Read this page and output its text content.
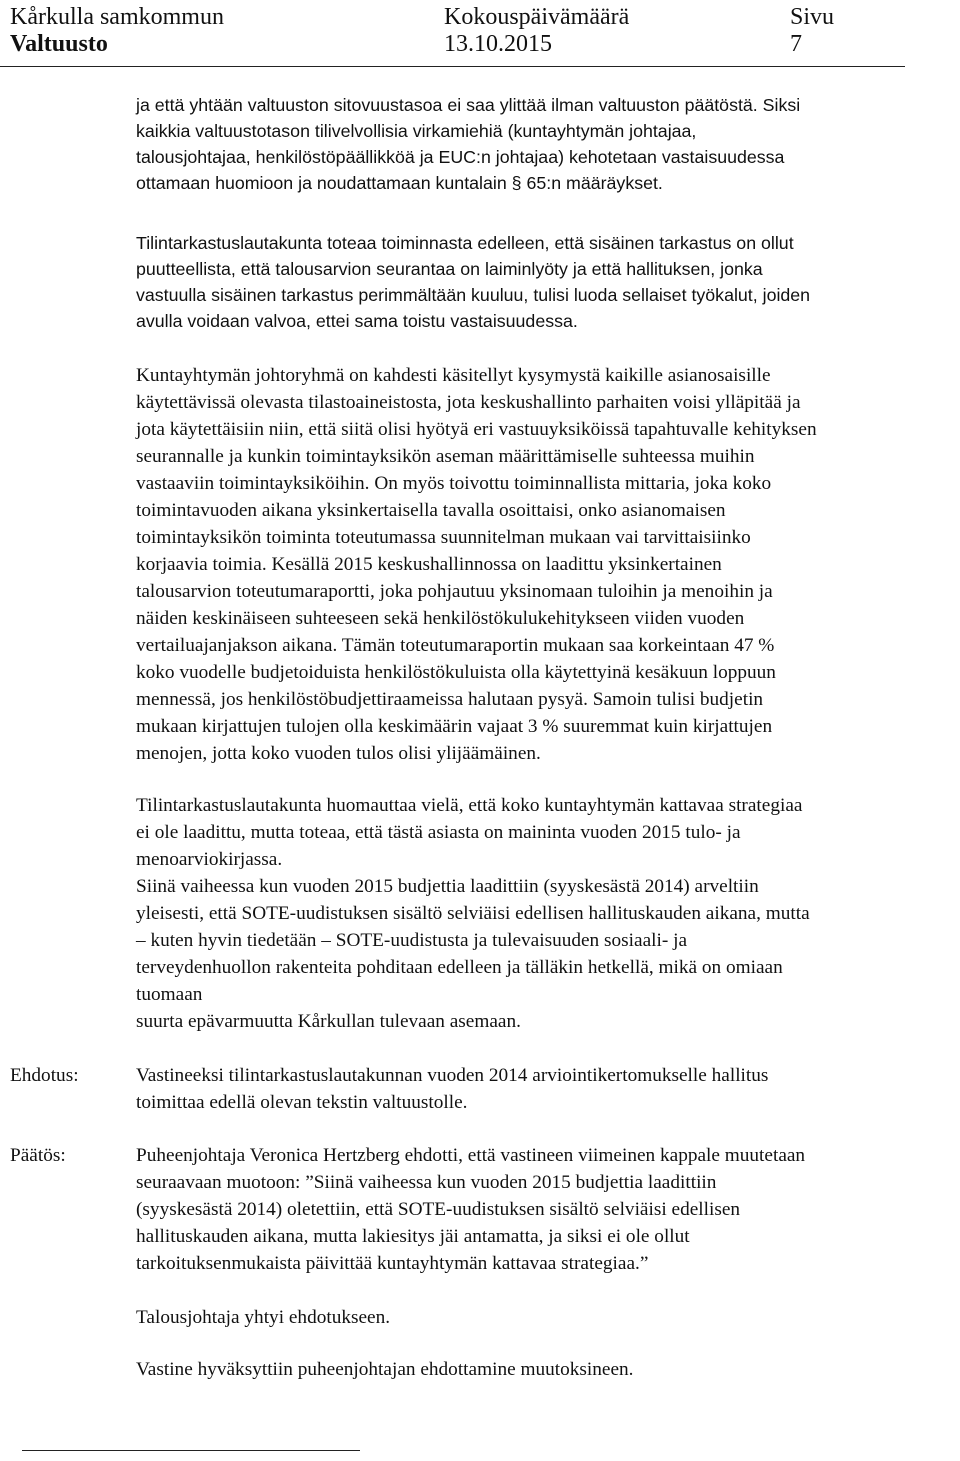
Kårkulla samkommun
Valtuusto
Kokouspäivämäärä
13.10.2015
Sivu
7
ja että yhtään valtuuston sitovuustasoa ei saa ylittää ilman valtuuston päätöstä. Siksi
kaikkia valtuustotason tilivelvollisia virkamiehiä (kuntayhtymän johtajaa,
talousjohtajaa, henkilöstöpäällikköä ja EUC:n johtajaa) kehotetaan vastaisuudessa
ottamaan huomioon ja noudattamaan kuntalain § 65:n määräykset.
Tilintarkastuslautakunta toteaa toiminnasta edelleen, että sisäinen tarkastus on ollut
puutteellista, että talousarvion seurantaa on laiminlyöty ja että hallituksen, jonka
vastuulla sisäinen tarkastus perimmältään kuuluu, tulisi luoda sellaiset työkalut, joiden
avulla voidaan valvoa, ettei sama toistu vastaisuudessa.
Kuntayhtymän johtoryhmä on kahdesti käsitellyt kysymystä kaikille asianosaisille
käytettävissä olevasta tilastoaineistosta, jota keskushallinto parhaiten voisi ylläpitää ja
jota käytettäisiin niin, että siitä olisi hyötyä eri vastuuyksiköissä tapahtuvalle kehityksen
seurannalle ja kunkin toimintayksikön aseman määrittämiselle suhteessa muihin
vastaaviin toimintayksiköihin. On myös toivottu toiminnallista mittaria, joka koko
toimintavuoden aikana yksinkertaisella tavalla osoittaisi, onko asianomaisen
toimintayksikön toiminta toteutumassa suunnitelman mukaan vai tarvittaisiinko
korjaavia toimia. Kesällä 2015 keskushallinnossa on laadittu yksinkertainen
talousarvion toteutumaraportti, joka pohjautuu yksinomaan tuloihin ja menoihin ja
näiden keskinäiseen suhteeseen sekä henkilöstökulukehitykseen viiden vuoden
vertailuajanjakson aikana. Tämän toteutumaraportin mukaan saa korkeintaan 47 %
koko vuodelle budjetoiduista henkilöstökuluista olla käytettyinä kesäkuun loppuun
mennessä, jos henkilöstöbudjettiraameissa halutaan pysyä. Samoin tulisi budjetin
mukaan kirjattujen tulojen olla keskimäärin vajaat 3 % suuremmat kuin kirjattujen
menojen, jotta koko vuoden tulos olisi ylijäämäinen.
Tilintarkastuslautakunta huomauttaa vielä, että koko kuntayhtymän kattavaa strategiaa
ei ole laadittu, mutta toteaa, että tästä asiasta on maininta vuoden 2015 tulo- ja
menoarviokirjassa.
Siinä vaiheessa kun vuoden 2015 budjettia laadittiin (syyskesästä 2014) arveltiin
yleisesti, että SOTE-uudistuksen sisältö selviäisi edellisen hallituskauden aikana, mutta
– kuten hyvin tiedetään – SOTE-uudistusta ja tulevaisuuden sosiaali- ja
terveydenhuollon rakenteita pohditaan edelleen ja tälläkin hetkellä, mikä on omiaan
tuomaan
suurta epävarmuutta Kårkullan tulevaan asemaan.
Ehdotus:	Vastineeksi tilintarkastuslautakunnan vuoden 2014 arviointikertomukselle hallitus
toimittaa edellä olevan tekstin valtuustolle.
Päätös:	Puheenjohtaja Veronica Hertzberg ehdotti, että vastineen viimeinen kappale muutetaan
seuraavaan muotoon: ”Siinä vaiheessa kun vuoden 2015 budjettia laadittiin
(syyskesästä 2014) oletettiin, että SOTE-uudistuksen sisältö selviäisi edellisen
hallituskauden aikana, mutta lakiesitys jäi antamatta, ja siksi ei ole ollut
tarkoituksenmukaista päivittää kuntayhtymän kattavaa strategiaa.”
Talousjohtaja yhtyi ehdotukseen.
Vastine hyväksyttiin puheenjohtajan ehdottamine muutoksineen.
